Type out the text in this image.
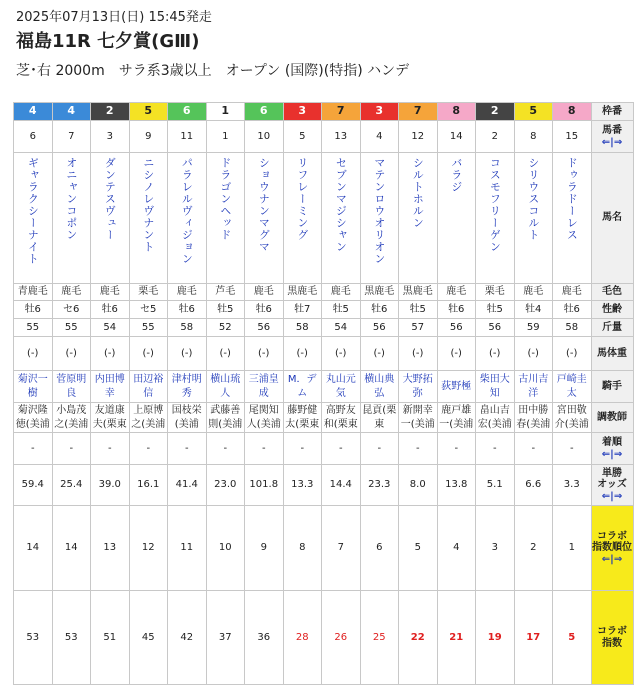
2025年07月13日(日) 15:45発走
福島11R 七夕賞(GⅢ)
芝･右 2000m　サラ系3歳以上　オープン (国際)(特指) ハンデ
4	4	2	5	6	1	6	3	7	3	7	8	2	5	8	枠番

6	7	3	9	11	1	10	5	13	4	12	14	2	8	15	馬番
⇐|⇒

ギャラクシーナイト	オニャンコポン	ダンテスヴュー	ニシノレヴナント	パラレルヴィジョン	ドラゴンヘッド	ショウナンマグマ	リフレーミング	セブンマジシャン	マテンロウオリオン	シルトホルン	バラジ	コスモフリーゲン	シリウスコルト	ドゥラドーレス	馬名

青鹿毛	鹿毛	鹿毛	栗毛	鹿毛	芦毛	鹿毛	黒鹿毛	鹿毛	黒鹿毛	黒鹿毛	鹿毛	栗毛	鹿毛	鹿毛	毛色

牡6	セ6	牡6	セ5	牡6	牡5	牡6	牡7	牡5	牡6	牡5	牡6	牡5	牡4	牡6	性齢

55	55	54	55	58	52	56	58	54	56	57	56	56	59	58	斤量

(-)	(-)	(-)	(-)	(-)	(-)	(-)	(-)	(-)	(-)	(-)	(-)	(-)	(-)	(-)	馬体重

菊沢一樹	菅原明良	内田博幸	田辺裕信	津村明秀	横山琉人	三浦皇成	M．デム	丸山元気	横山典弘	大野拓弥	荻野極	柴田大知	古川吉洋	戸崎圭太	騎手

菊沢隆徳(美浦	小島茂之(美浦	友道康夫(栗東	上原博之(美浦	国枝栄(美浦	武藤善則(美浦	尾関知人(美浦	藤野健太(栗東	高野友和(栗東	昆貢(栗東	新開幸一(美浦	鹿戸雄一(美浦	畠山吉宏(美浦	田中勝春(美浦	宮田敬介(美浦	調教師

-	-	-	-	-	-	-	-	-	-	-	-	-	-	-	着順
⇐|⇒

59.4	25.4	39.0	16.1	41.4	23.0	101.8	13.3	14.4	23.3	8.0	13.8	5.1	6.6	3.3	単勝
オッズ
⇐|⇒

14	14	13	12	11	10	9	8	7	6	5	4	3	2	1	コラボ
指数順位
⇐|⇒

53	53	51	45	42	37	36	28	26	25	22	21	19	17	5	コラボ
指数
